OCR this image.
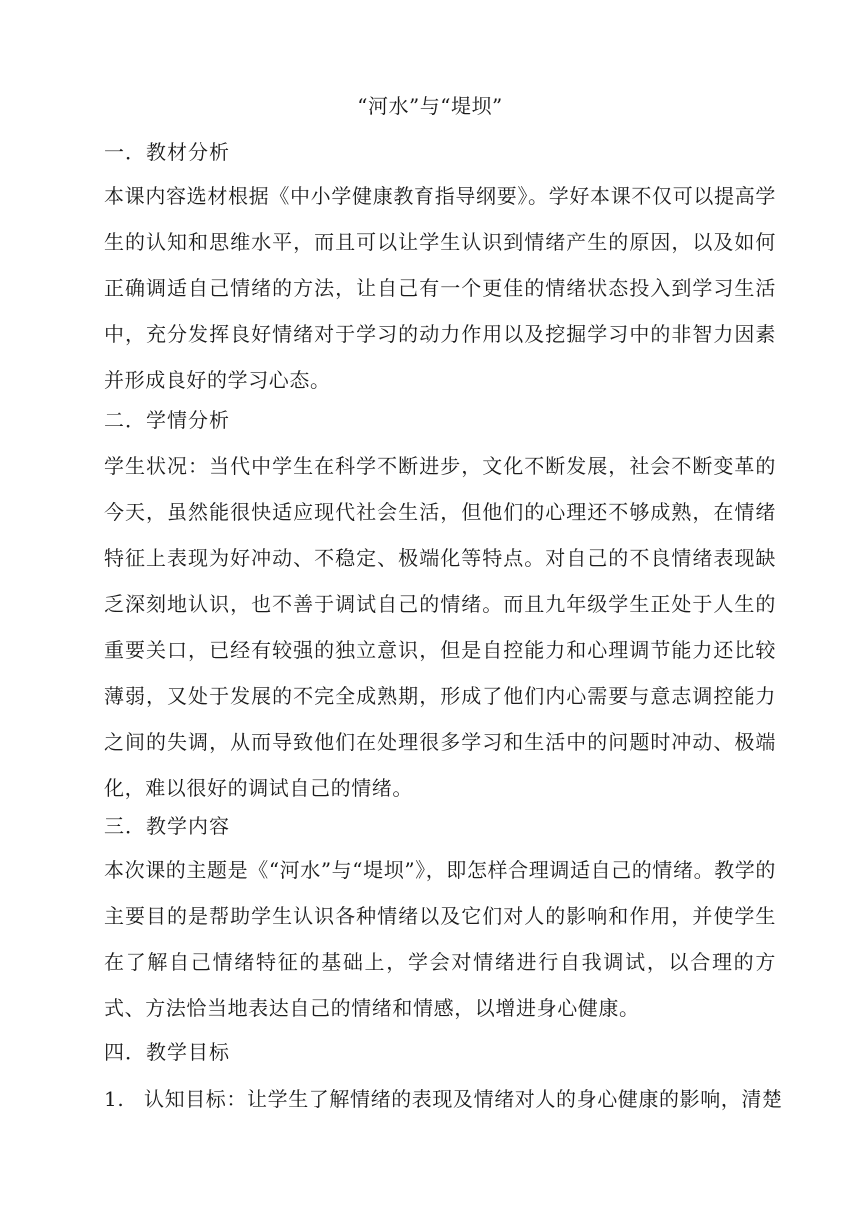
“河水”与“堤坝”
一．教材分析
本课内容选材根据《中小学健康教育指导纲要》。学好本课不仅可以提高学生的认知和思维水平，而且可以让学生认识到情绪产生的原因，以及如何正确调适自己情绪的方法，让自己有一个更佳的情绪状态投入到学习生活中，充分发挥良好情绪对于学习的动力作用以及挖掘学习中的非智力因素并形成良好的学习心态。
二．学情分析
学生状况：当代中学生在科学不断进步，文化不断发展，社会不断变革的今天，虽然能很快适应现代社会生活，但他们的心理还不够成熟，在情绪特征上表现为好冲动、不稳定、极端化等特点。对自己的不良情绪表现缺乏深刻地认识，也不善于调试自己的情绪。而且九年级学生正处于人生的重要关口，已经有较强的独立意识，但是自控能力和心理调节能力还比较薄弱，又处于发展的不完全成熟期，形成了他们内心需要与意志调控能力之间的失调，从而导致他们在处理很多学习和生活中的问题时冲动、极端化，难以很好的调试自己的情绪。
三．教学内容
本次课的主题是《“河水”与“堤坝”》，即怎样合理调适自己的情绪。教学的主要目的是帮助学生认识各种情绪以及它们对人的影响和作用，并使学生在了解自己情绪特征的基础上，学会对情绪进行自我调试，以合理的方式、方法恰当地表达自己的情绪和情感，以增进身心健康。
四．教学目标
1. 认知目标：让学生了解情绪的表现及情绪对人的身心健康的影响，清楚
